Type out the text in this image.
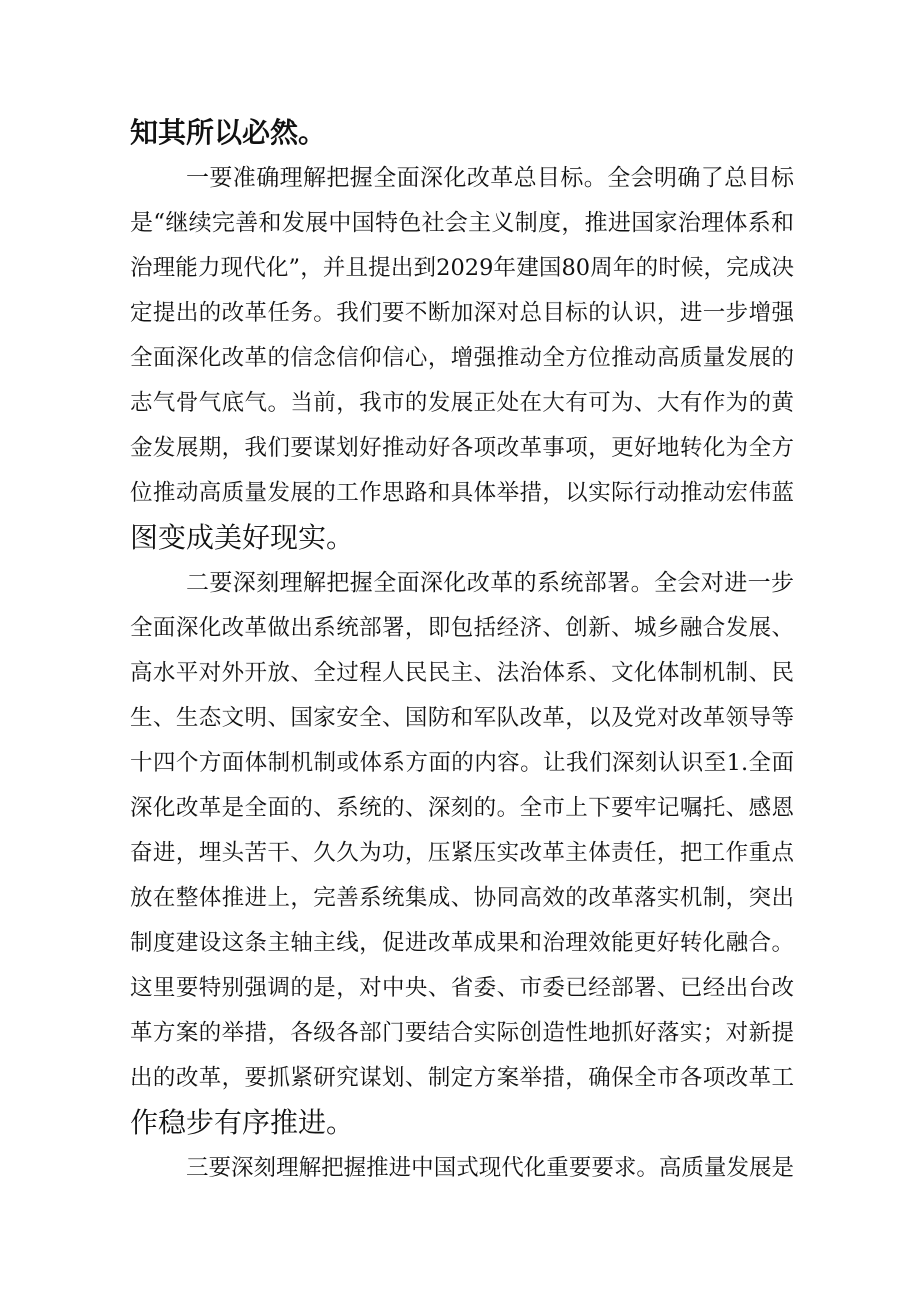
知其所以必然。
一要准确理解把握全面深化改革总目标。全会明确了总目标
是“继续完善和发展中国特色社会主义制度，推进国家治理体系和
治理能力现代化”，并且提出到2029年建国80周年的时候，完成决
定提出的改革任务。我们要不断加深对总目标的认识，进一步增强
全面深化改革的信念信仰信心，增强推动全方位推动高质量发展的
志气骨气底气。当前，我市的发展正处在大有可为、大有作为的黄
金发展期，我们要谋划好推动好各项改革事项，更好地转化为全方
位推动高质量发展的工作思路和具体举措，以实际行动推动宏伟蓝
图变成美好现实。
二要深刻理解把握全面深化改革的系统部署。全会对进一步
全面深化改革做出系统部署，即包括经济、创新、城乡融合发展、
高水平对外开放、全过程人民民主、法治体系、文化体制机制、民
生、生态文明、国家安全、国防和军队改革，以及党对改革领导等
十四个方面体制机制或体系方面的内容。让我们深刻认识至1.全面
深化改革是全面的、系统的、深刻的。全市上下要牢记嘱托、感恩
奋进，埋头苦干、久久为功，压紧压实改革主体责任，把工作重点
放在整体推进上，完善系统集成、协同高效的改革落实机制，突出
制度建设这条主轴主线，促进改革成果和治理效能更好转化融合。
这里要特别强调的是，对中央、省委、市委已经部署、已经出台改
革方案的举措，各级各部门要结合实际创造性地抓好落实；对新提
出的改革，要抓紧研究谋划、制定方案举措，确保全市各项改革工
作稳步有序推进。
三要深刻理解把握推进中国式现代化重要要求。高质量发展是
